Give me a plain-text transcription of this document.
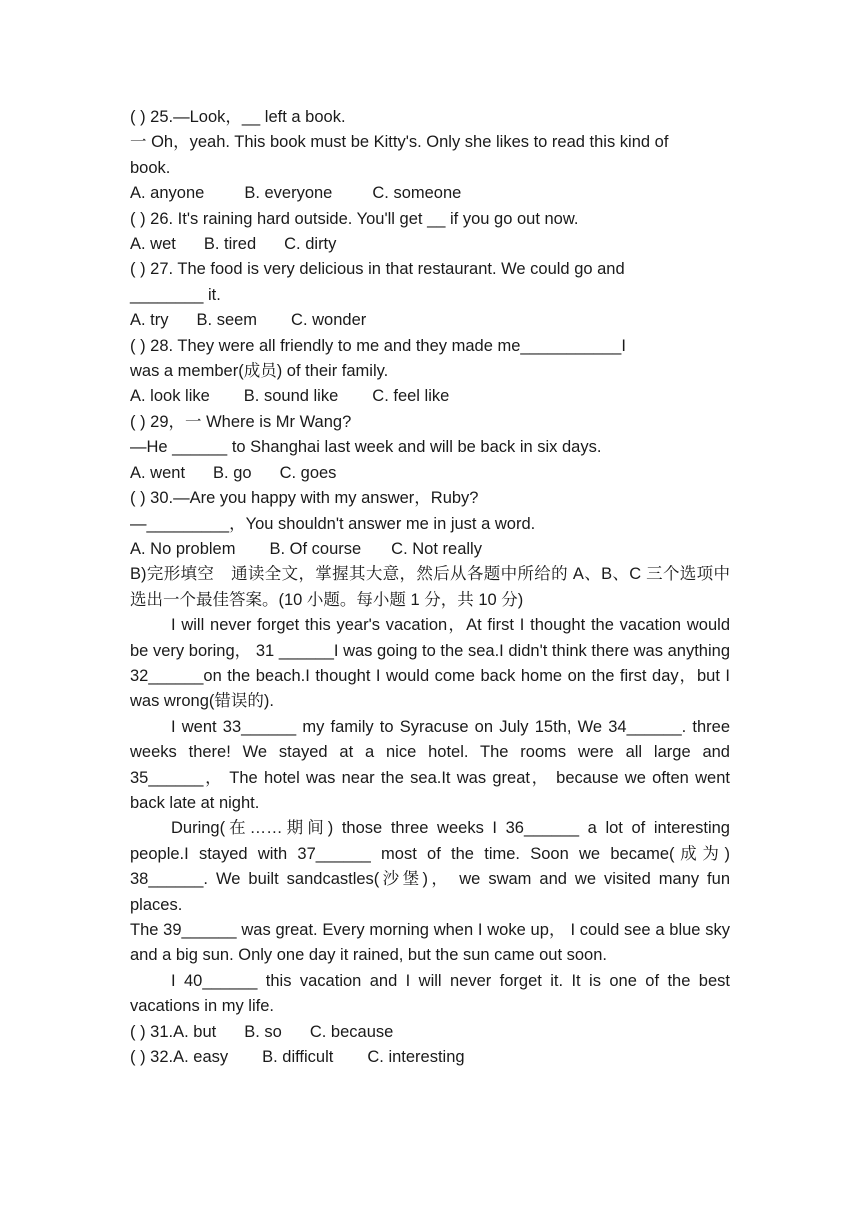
( ) 25.—Look，__ left a book.
一 Oh，yeah. This book must be Kitty's. Only she likes to read this kind of
book.
A. anyone B. everyone C. someone
( ) 26. It's raining hard outside. You'll get __ if you go out now.
A. wet B. tired C. dirty
( ) 27. The food is very delicious in that restaurant. We could go and
________ it.
A. try B. seem C. wonder
( ) 28. They were all friendly to me and they made me___________I
was a member(成员) of their family.
A. look like B. sound like C. feel like
( ) 29，一 Where is Mr Wang?
—He ______ to Shanghai last week and will be back in six days.
A. went B. go C. goes
( ) 30.—Are you happy with my answer，Ruby?
—_________，You shouldn't answer me in just a word.
A. No problem B. Of course C. Not really
B)完形填空　通读全文，掌握其大意，然后从各题中所给的 A、B、C 三个选项中选出一个最佳答案。(10 小题。每小题 1 分，共 10 分)
I will never forget this year's vacation，At first I thought the vacation would be very boring， 31 ______I was going to the sea.I didn't think there was anything 32______on the beach.I thought I would come back home on the first day，but I was wrong(错误的).
I went 33______ my family to Syracuse on July 15th, We 34______. three weeks there! We stayed at a nice hotel. The rooms were all large and 35______， The hotel was near the sea.It was great， because we often went back late at night.
During(在……期间) those three weeks I 36______ a lot of interesting people.I stayed with 37______ most of the time. Soon we became(成为) 38______. We built sandcastles(沙堡)， we swam and we visited many fun places.
The 39______ was great. Every morning when I woke up， I could see a blue sky and a big sun. Only one day it rained, but the sun came out soon.
I 40______ this vacation and I will never forget it. It is one of the best vacations in my life.
( ) 31.A. but B. so C. because
( ) 32.A. easy B. difficult C. interesting
